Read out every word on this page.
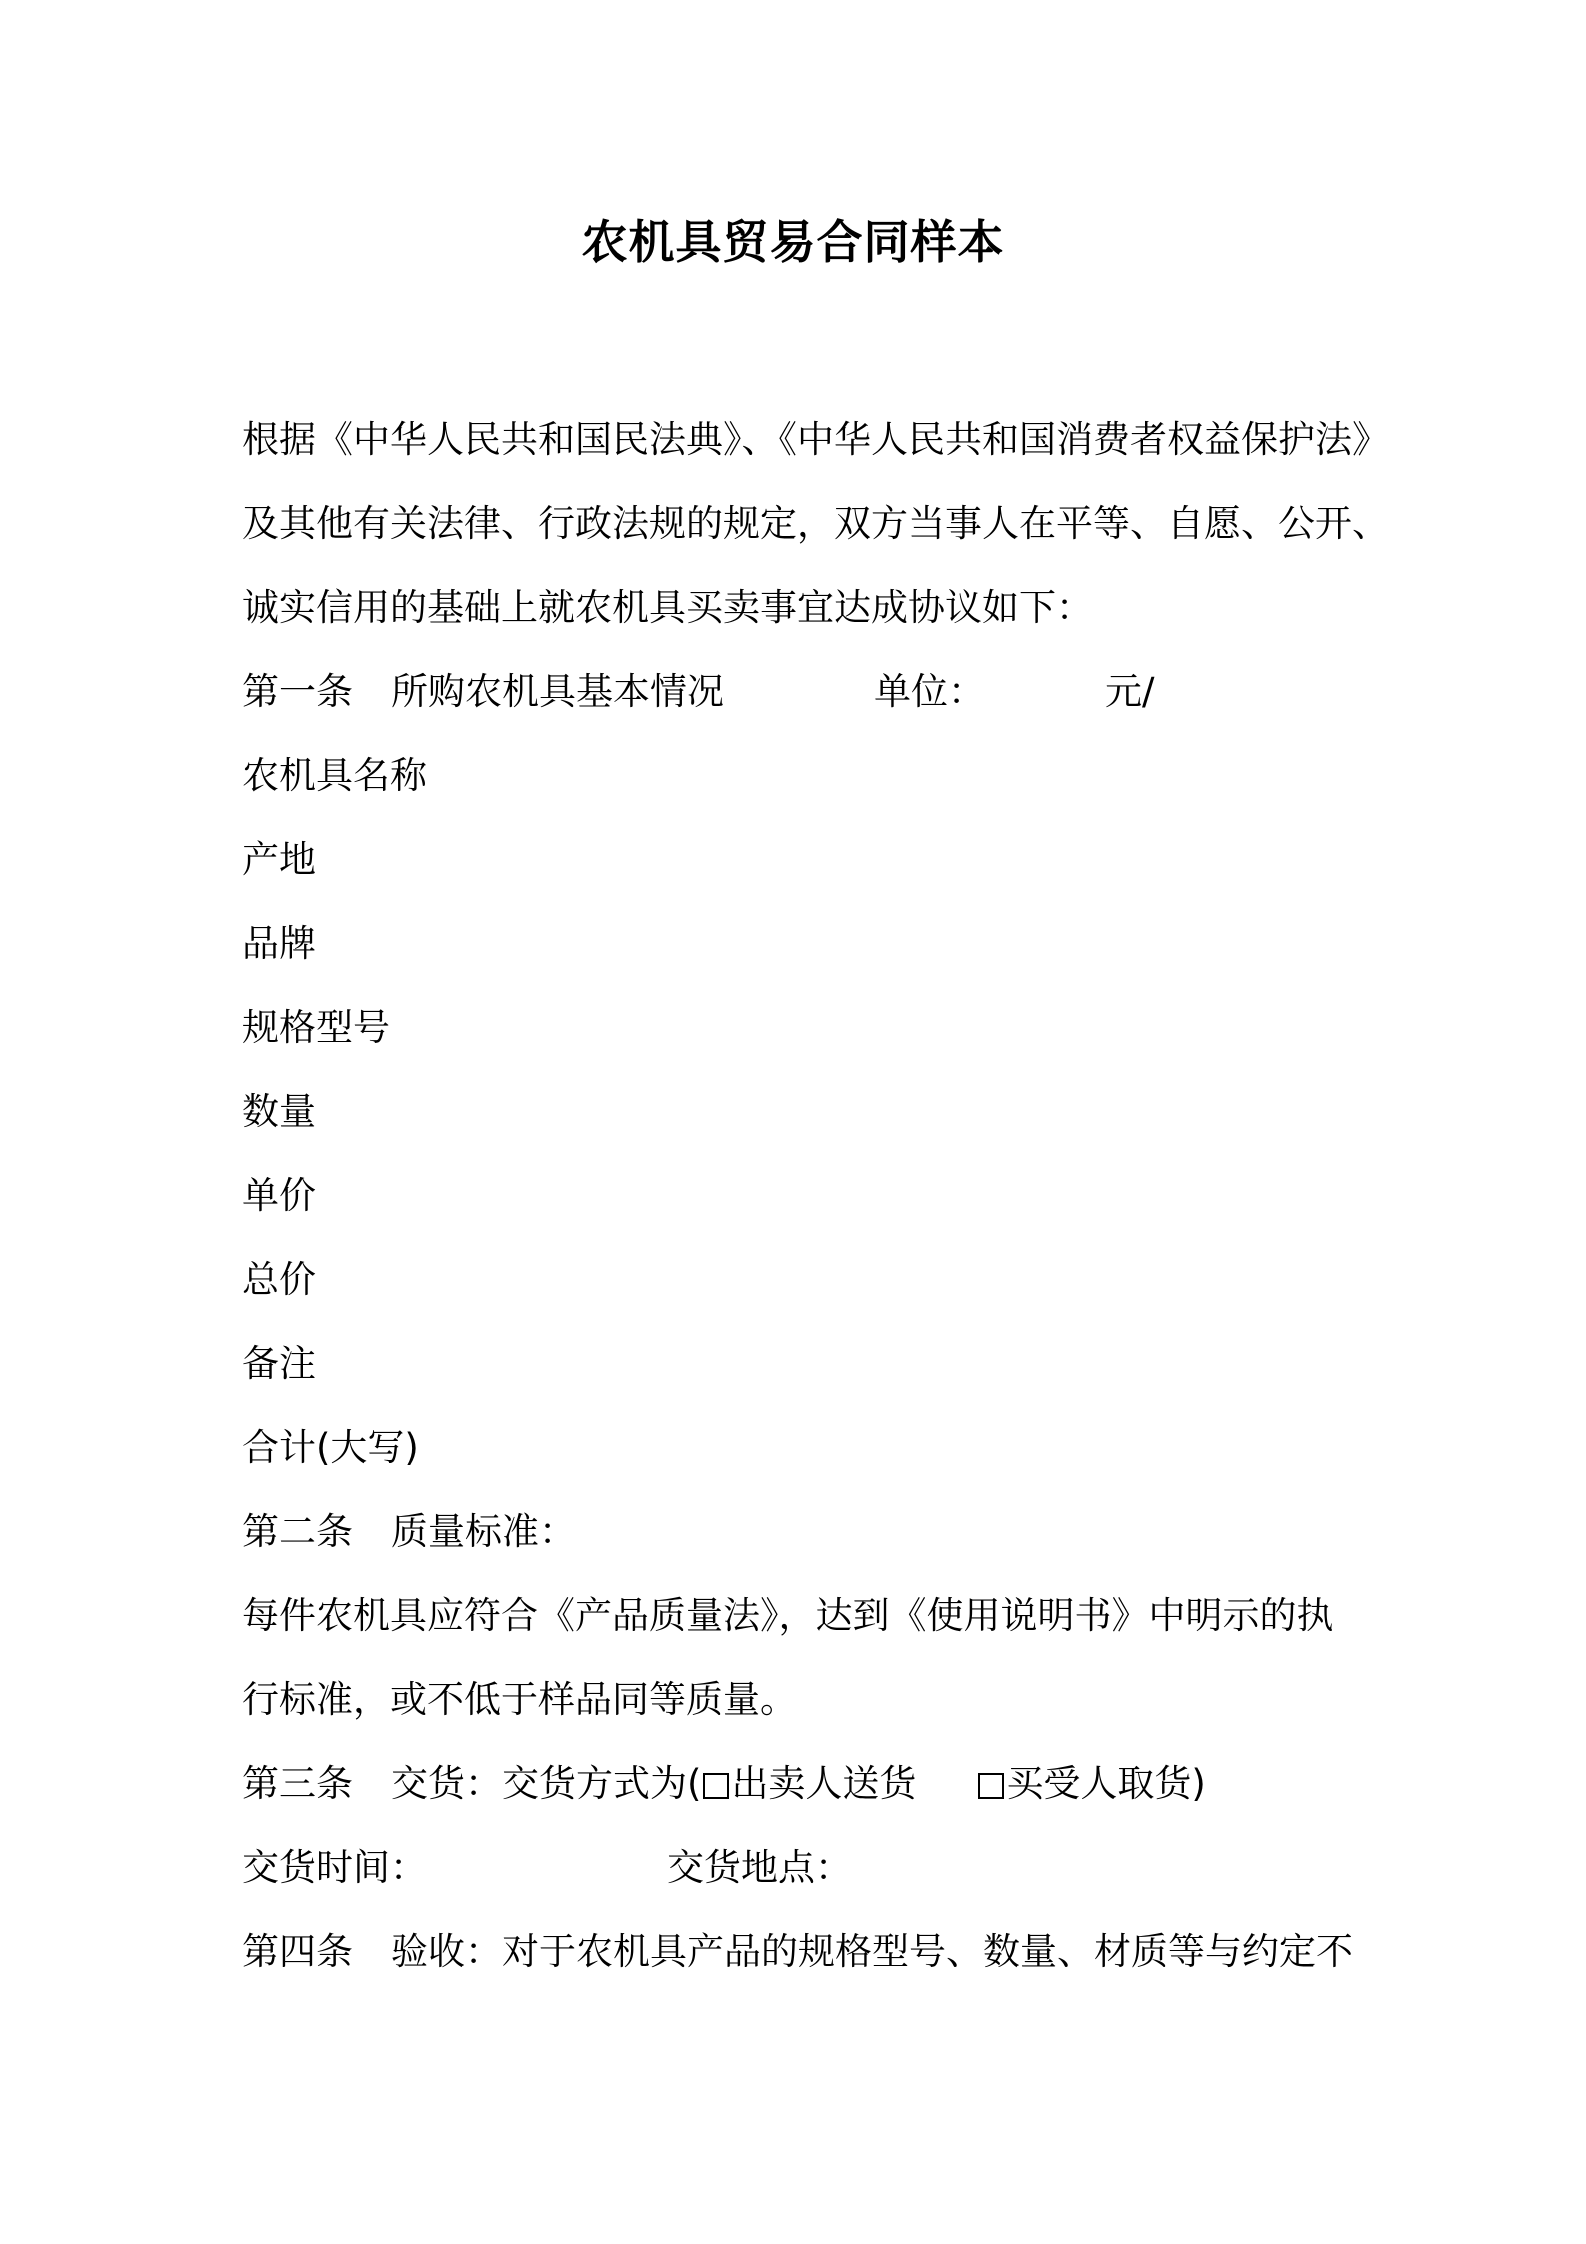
农机具贸易合同样本
根据《中华人民共和国民法典》、《中华人民共和国消费者权益保护法》
及其他有关法律、行政法规的规定，双方当事人在平等、自愿、公开、
诚实信用的基础上就农机具买卖事宜达成协议如下：
第一条 所购农机具基本情况	单位：	元/
农机具名称
产地
品牌
规格型号
数量
单价
总价
备注
合计(大写)
第二条 质量标准：
每件农机具应符合《产品质量法》，达到《使用说明书》中明示的执
行标准，或不低于样品同等质量。
第三条 交货：交货方式为( 出卖人送货 买受人取货)
交货时间：	交货地点：
第四条 验收：对于农机具产品的规格型号、数量、材质等与约定不
